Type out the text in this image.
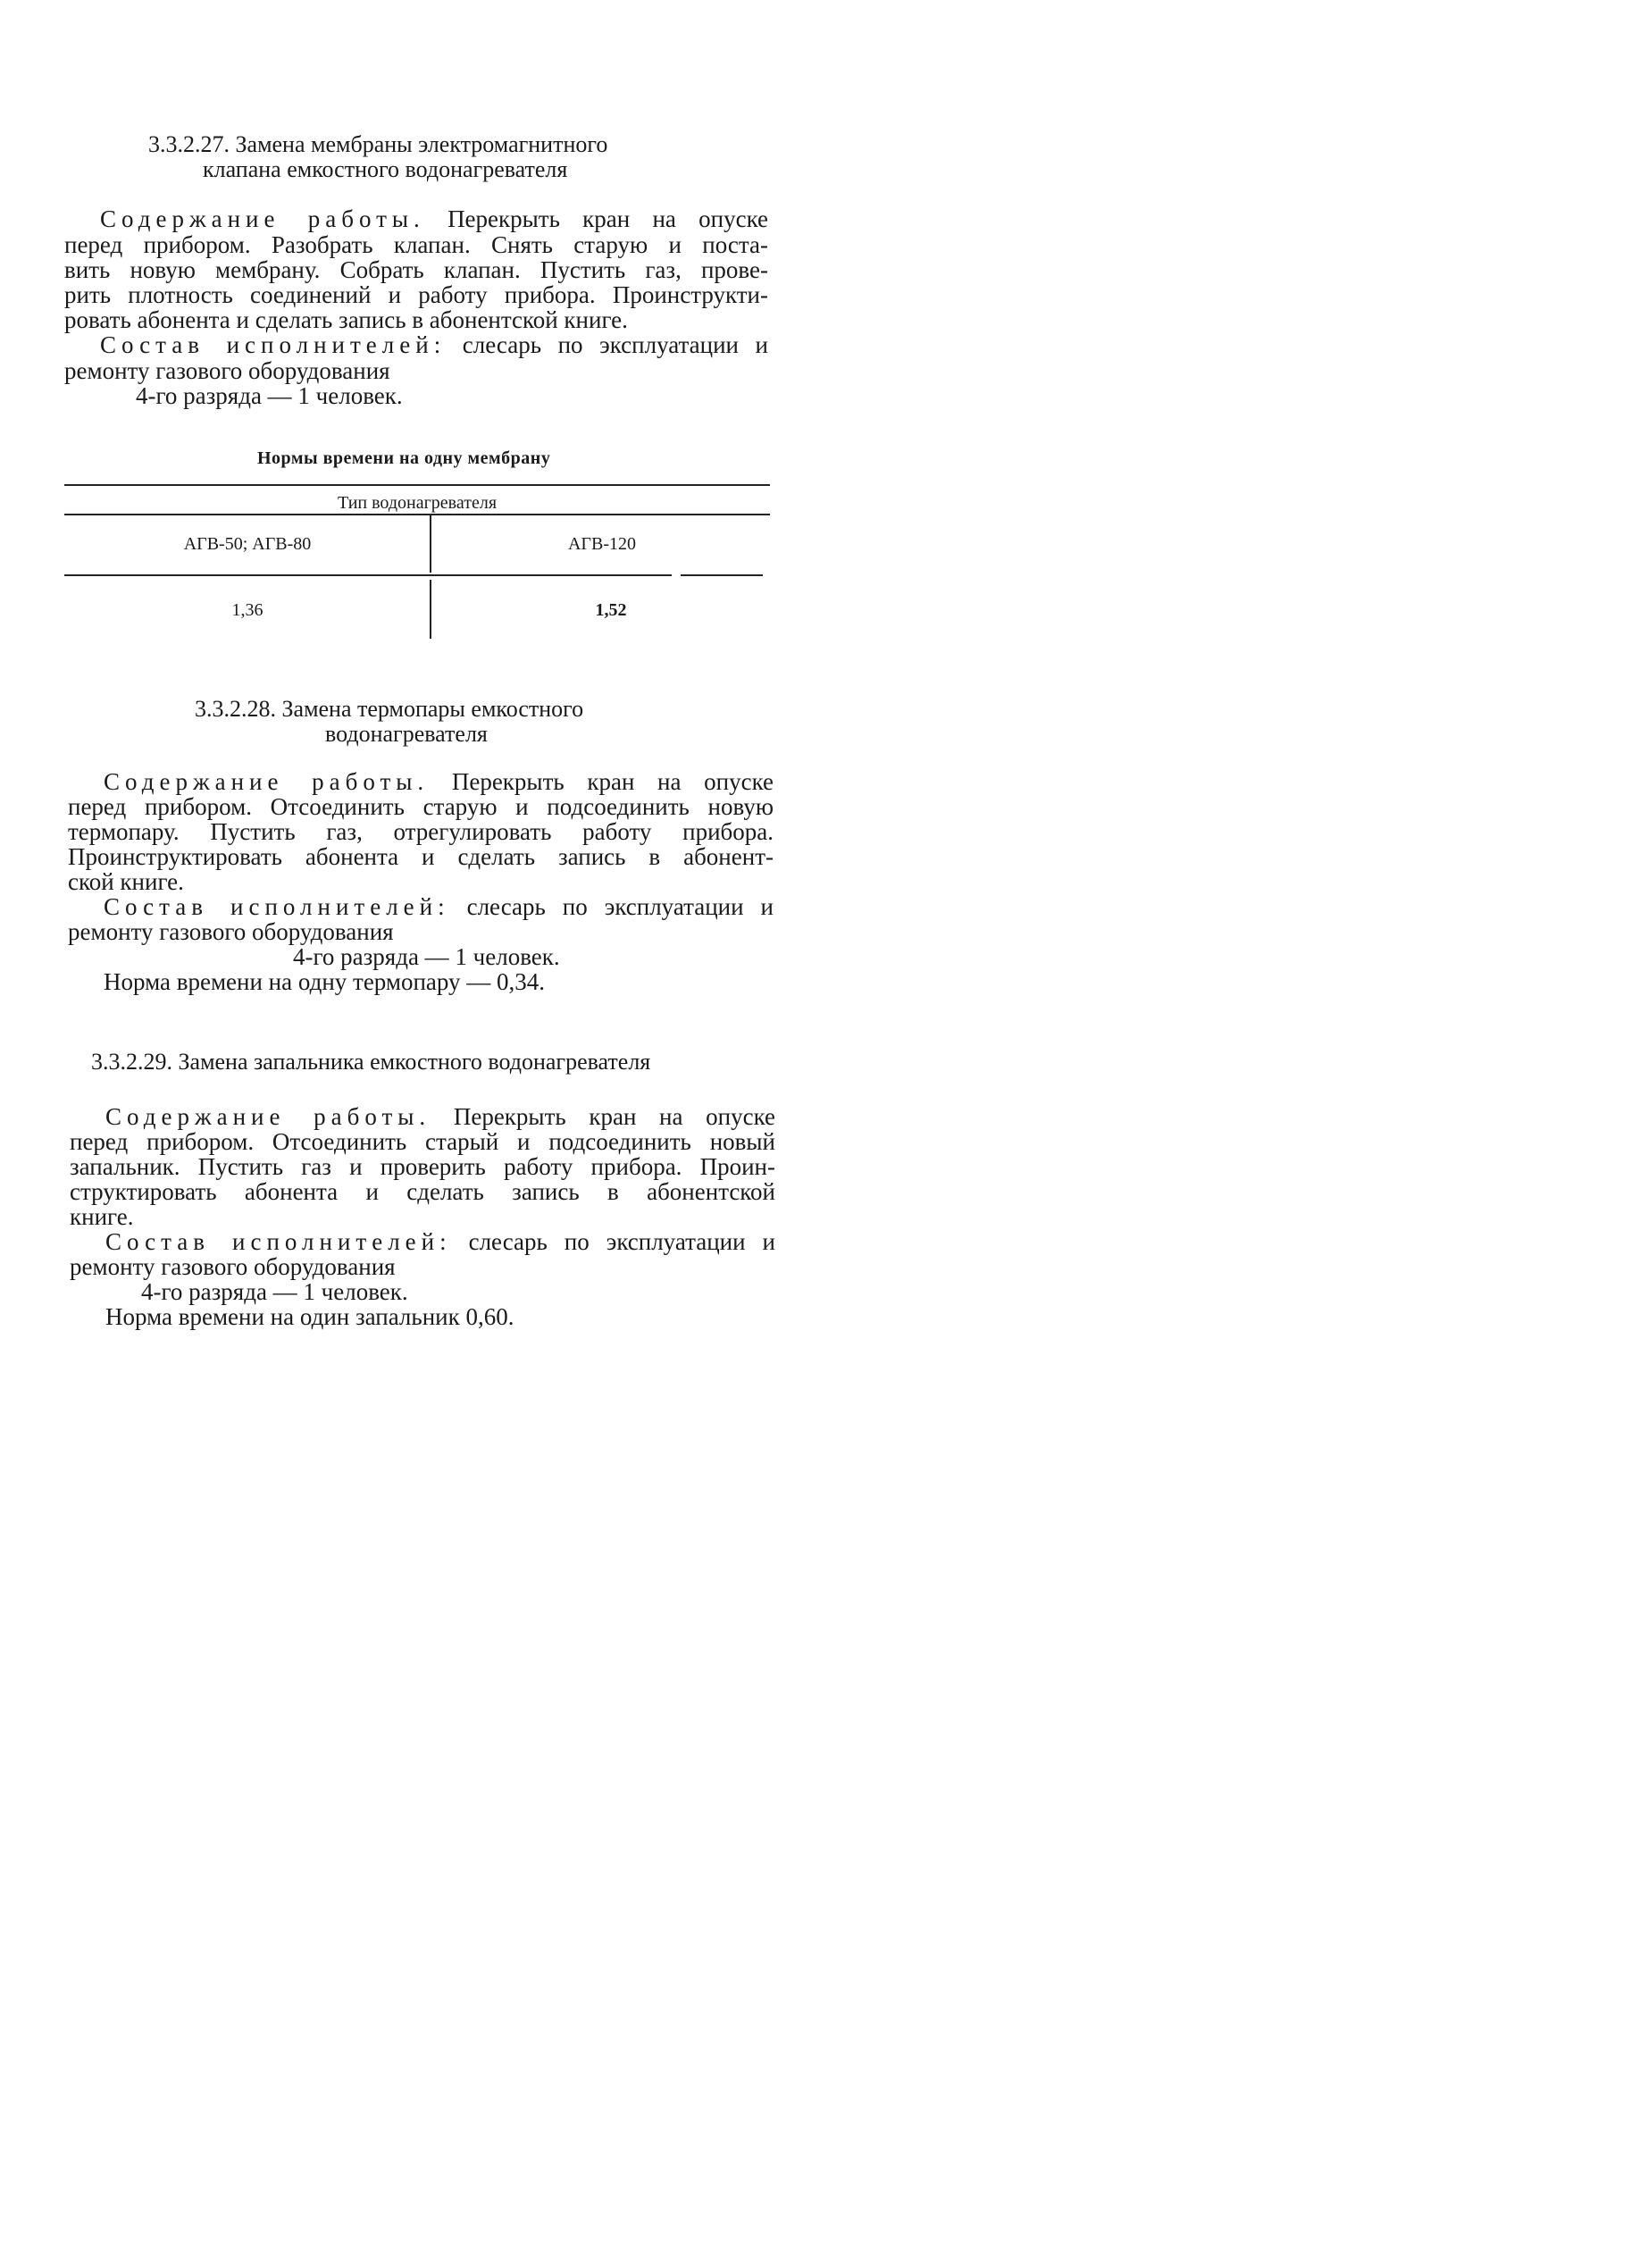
3.3.2.27. Замена мембраны электромагнитного
клапана емкостного водонагревателя
Содержание работы. Перекрыть кран на опуске
перед прибором. Разобрать клапан. Снять старую и поста-
вить новую мембрану. Собрать клапан. Пустить газ, прове-
рить плотность соединений и работу прибора. Проинструкти-
ровать абонента и сделать запись в абонентской книге.
Состав исполнителей: слесарь по эксплуатации и
ремонту газового оборудования
4-го разряда — 1 человек.
Нормы времени на одну мембрану
Тип водонагревателя
АГВ-50; АГВ-80	АГВ-120
1,36	1,52
3.3.2.28. Замена термопары емкостного
водонагревателя
Содержание работы. Перекрыть кран на опуске
перед прибором. Отсоединить старую и подсоединить новую
термопару. Пустить газ, отрегулировать работу прибора.
Проинструктировать абонента и сделать запись в абонент-
ской книге.
Состав исполнителей: слесарь по эксплуатации и
ремонту газового оборудования
4-го разряда — 1 человек.
Норма времени на одну термопару — 0,34.
3.3.2.29. Замена запальника емкостного водонагревателя
Содержание работы. Перекрыть кран на опуске
перед прибором. Отсоединить старый и подсоединить новый
запальник. Пустить газ и проверить работу прибора. Проин-
структировать абонента и сделать запись в абонентской
книге.
Состав исполнителей: слесарь по эксплуатации и
ремонту газового оборудования
4-го разряда — 1 человек.
Норма времени на один запальник 0,60.
